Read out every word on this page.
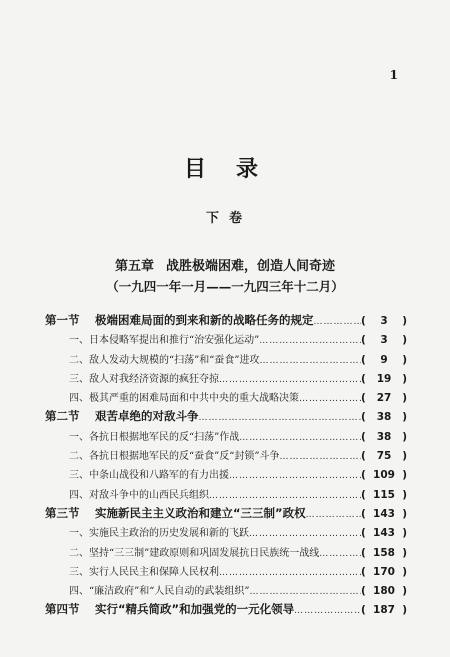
1
目录
下卷
第五章 战胜极端困难，创造人间奇迹
（一九四一年一月——一九四三年十二月）
第一节 极端困难局面的到来和新的战略任务的规定 …………………………………………………………………………………………………………	(	3	)
一、日本侵略军提出和推行“治安强化运动” …………………………………………………………………………………………………………	(	3	)
二、敌人发动大规模的“扫荡”和“蚕食”进攻 …………………………………………………………………………………………………………	(	9	)
三、敌人对我经济资源的疯狂夺掠 …………………………………………………………………………………………………………	(	19	)
四、极其严重的困难局面和中共中央的重大战略决策 …………………………………………………………………………………………………………	(	27	)
第二节 艰苦卓绝的对敌斗争 …………………………………………………………………………………………………………	(	38	)
一、各抗日根据地军民的反“扫荡”作战 …………………………………………………………………………………………………………	(	38	)
二、各抗日根据地军民的反“蚕食”反“封锁”斗争 …………………………………………………………………………………………………………	(	75	)
三、中条山战役和八路军的有力出援 …………………………………………………………………………………………………………	( 109 )
四、对敌斗争中的山西民兵组织 …………………………………………………………………………………………………………	( 115 )
第三节 实施新民主主义政治和建立“三三制”政权 …………………………………………………………………………………………………………	( 143 )
一、实施民主政治的历史发展和新的飞跃 …………………………………………………………………………………………………………	( 143 )
二、坚持“三三制”建政原则和巩固发展抗日民族统一战线 …………………………………………………………………………………………………………	( 158 )
三、实行人民民主和保障人民权利 …………………………………………………………………………………………………………	( 170 )
四、“廉洁政府”和“人民自动的武装组织” …………………………………………………………………………………………………………	( 180 )
第四节 实行“精兵简政”和加强党的一元化领导 …………………………………………………………………………………………………………	( 187 )
